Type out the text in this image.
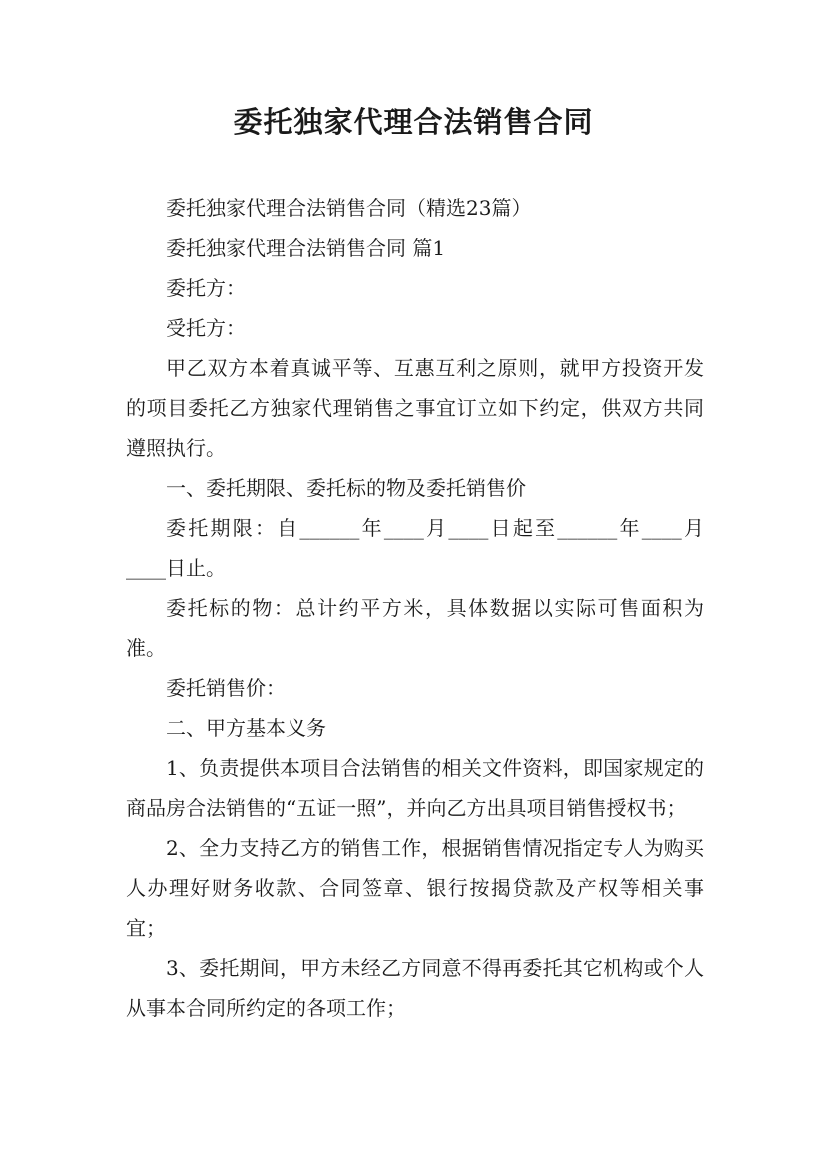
委托独家代理合法销售合同

委托独家代理合法销售合同（精选23篇）

委托独家代理合法销售合同 篇1

委托方：

受托方：

甲乙双方本着真诚平等、互惠互利之原则，就甲方投资开发的项目委托乙方独家代理销售之事宜订立如下约定，供双方共同遵照执行。

一、委托期限、委托标的物及委托销售价

委托期限：自______年____月____日起至______年____月____日止。

委托标的物：总计约平方米，具体数据以实际可售面积为准。

委托销售价：

二、甲方基本义务

1、负责提供本项目合法销售的相关文件资料，即国家规定的商品房合法销售的“五证一照”，并向乙方出具项目销售授权书；

2、全力支持乙方的销售工作，根据销售情况指定专人为购买人办理好财务收款、合同签章、银行按揭贷款及产权等相关事宜；

3、委托期间，甲方未经乙方同意不得再委托其它机构或个人从事本合同所约定的各项工作；
